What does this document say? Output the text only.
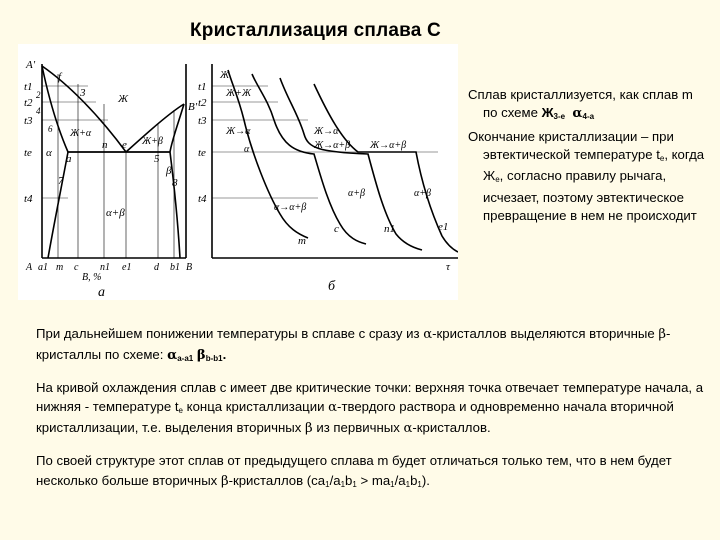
Кристаллизация сплава С
A'
B'
f
3
2
4
6
a
n e
5
7	8
t1
t2
t3
te
t4
Ж
Ж+α
Ж+β
α
β
α+β
A a1 m c n1 e1 d b1 B
B, %
а
t1
t2
t3
te
t4
Ж
Ж+Ж
Ж→α	Ж→α
Ж→α+β Ж→α+β
α
α→α+β
α+β	α+β
m
c	n1	e1
τ
б

Сплав кристаллизуется, как сплав m по схеме $Ж_{3-е}$ $\alpha_{4-a}$

Окончание кристаллизации – при эвтектической температуре $t_e$, когда $Ж_e$, согласно правилу рычага, исчезает, поэтому эвтектическое превращение в нем не происходит

При дальнейшем понижении температуры в сплаве с сразу из α-кристаллов выделяются вторичные β-кристаллы по схеме: $\alpha_{a-a1}$ $\beta_{b-b1}$.

На кривой охлаждения сплав с имеет две критические точки: верхняя точка отвечает температуре начала, а нижняя - температуре $t_e$ конца кристаллизации α-твердого раствора и одновременно начала вторичной кристаллизации, т.е. выделения вторичных β из первичных α-кристаллов.

По своей структуре этот сплав от предыдущего сплава m будет отличаться только тем, что в нем будет несколько больше вторичных β-кристаллов $(ca_1/a_1b_1 > ma_1/a_1b_1)$.
